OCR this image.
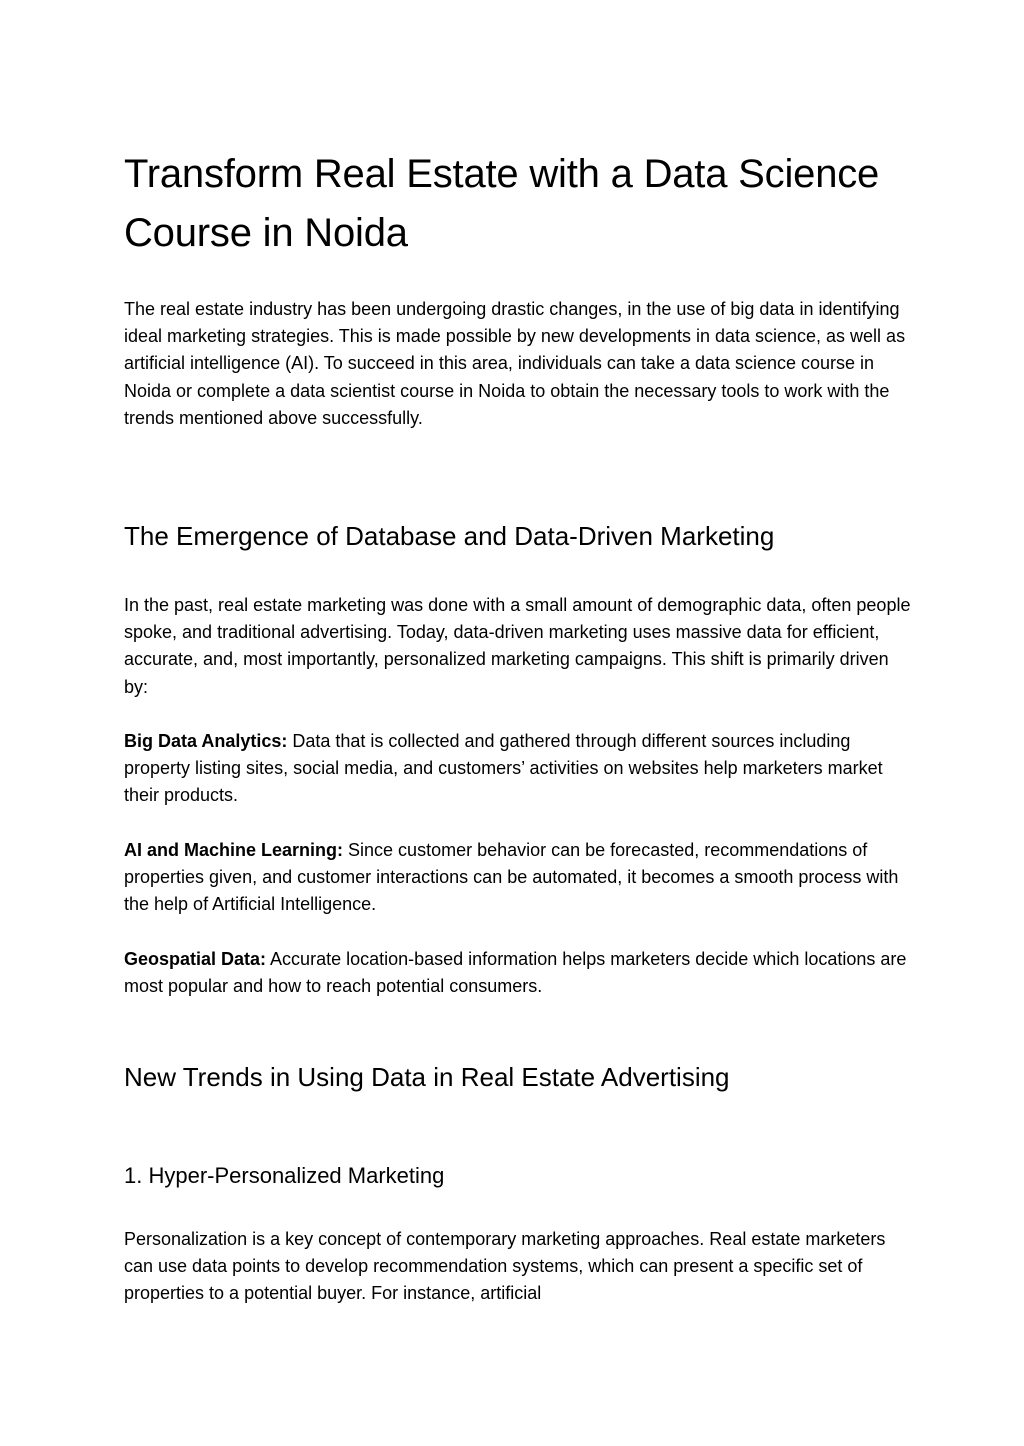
Transform Real Estate with a Data Science Course in Noida

The real estate industry has been undergoing drastic changes, in the use of big data in identifying ideal marketing strategies. This is made possible by new developments in data science, as well as artificial intelligence (AI). To succeed in this area, individuals can take a data science course in Noida or complete a data scientist course in Noida to obtain the necessary tools to work with the trends mentioned above successfully.

The Emergence of Database and Data-Driven Marketing

In the past, real estate marketing was done with a small amount of demographic data, often people spoke, and traditional advertising. Today, data-driven marketing uses massive data for efficient, accurate, and, most importantly, personalized marketing campaigns. This shift is primarily driven by:

Big Data Analytics: Data that is collected and gathered through different sources including property listing sites, social media, and customers’ activities on websites help marketers market their products.

AI and Machine Learning: Since customer behavior can be forecasted, recommendations of properties given, and customer interactions can be automated, it becomes a smooth process with the help of Artificial Intelligence.

Geospatial Data: Accurate location-based information helps marketers decide which locations are most popular and how to reach potential consumers.

New Trends in Using Data in Real Estate Advertising
1. Hyper-Personalized Marketing

Personalization is a key concept of contemporary marketing approaches. Real estate marketers can use data points to develop recommendation systems, which can present a specific set of properties to a potential buyer. For instance, artificial
